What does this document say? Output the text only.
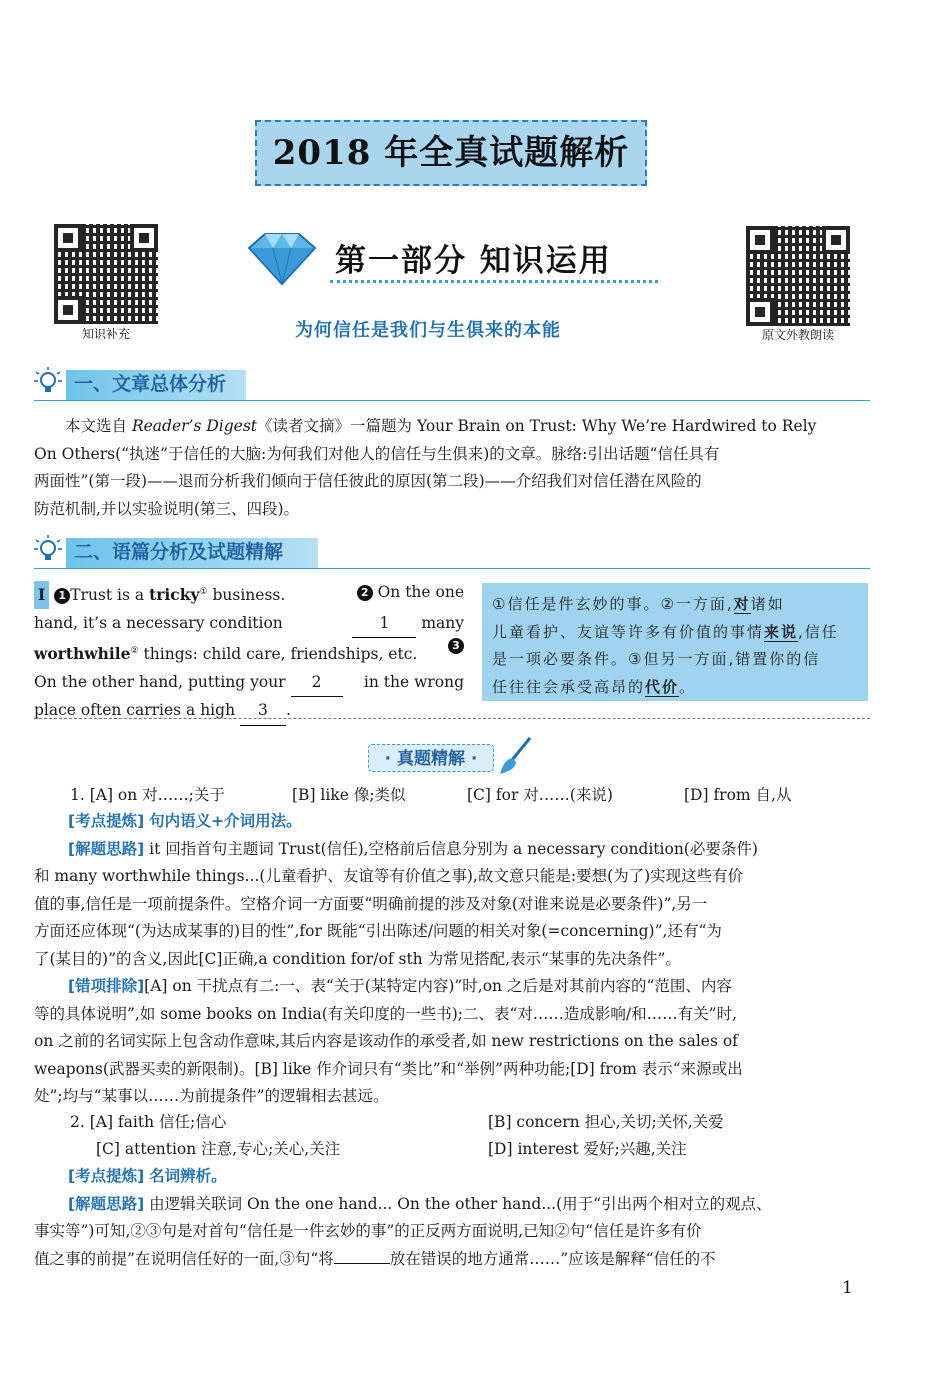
2018 年全真试题解析
知识补充	原文外教朗读
第一部分 知识运用
为何信任是我们与生俱来的本能
一、文章总体分析

本文选自 Reader’s Digest《读者文摘》一篇题为 Your Brain on Trust: Why We’re Hardwired to Rely

On Others(“执迷”于信任的大脑:为何我们对他人的信任与生俱来)的文章。脉络:引出话题“信任具有

两面性”(第一段)——退而分析我们倾向于信任彼此的原因(第二段)——介绍我们对信任潜在风险的

防范机制,并以实验说明(第三、四段)。

二、语篇分析及试题精解
Ⅰ 1 Trust is a tricky① business.	2 On the one
hand, it’s a necessary condition	1 many
worthwhile② things: child care, friendships, etc.	3
On the other hand, putting your 2	in the wrong
place often carries a high 3 .
①信任是件玄妙的事。②一方面,对诸如
儿童看护、友谊等许多有价值的事情来说,信任
是一项必要条件。③但另一方面,错置你的信
任往往会承受高昂的代价。
· 真题精解 ·
1. [A] on 对……;关于	[B] like 像;类似	[C] for 对……(来说)	[D] from 自,从

[考点提炼] 句内语义+介词用法。

[解题思路] it 回指首句主题词 Trust(信任),空格前后信息分别为 a necessary condition(必要条件)

和 many worthwhile things...(儿童看护、友谊等有价值之事),故文意只能是:要想(为了)实现这些有价

值的事,信任是一项前提条件。空格介词一方面要“明确前提的涉及对象(对谁来说是必要条件)”,另一

方面还应体现“(为达成某事的)目的性”,for 既能“引出陈述/问题的相关对象(=concerning)”,还有“为

了(某目的)”的含义,因此[C]正确,a condition for/of sth 为常见搭配,表示“某事的先决条件”。

[错项排除][A] on 干扰点有二:一、表“关于(某特定内容)”时,on 之后是对其前内容的“范围、内容

等的具体说明”,如 some books on India(有关印度的一些书);二、表“对……造成影响/和……有关”时,

on 之前的名词实际上包含动作意味,其后内容是该动作的承受者,如 new restrictions on the sales of

weapons(武器买卖的新限制)。[B] like 作介词只有“类比”和“举例”两种功能;[D] from 表示“来源或出

处”;均与“某事以……为前提条件”的逻辑相去甚远。

2. [A] faith 信任;信心	[B] concern 担心,关切;关怀,关爱
[C] attention 注意,专心;关心,关注	[D] interest 爱好;兴趣,关注

[考点提炼] 名词辨析。

[解题思路] 由逻辑关联词 On the one hand... On the other hand...(用于“引出两个相对立的观点、

事实等”)可知,②③句是对首句“信任是一件玄妙的事”的正反两方面说明,已知②句“信任是许多有价

值之事的前提”在说明信任好的一面,③句“将	放在错误的地方通常……”应该是解释“信任的不

1
